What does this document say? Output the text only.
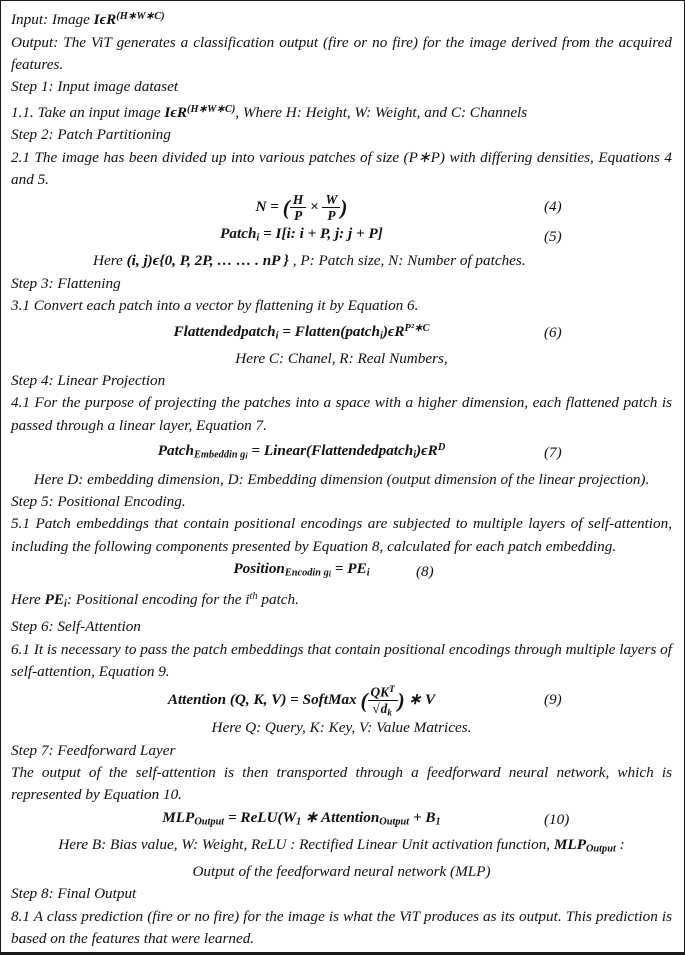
Input: Image IϵR$^{(H∗W∗C)}$

Output: The ViT generates a classification output (fire or no fire) for the image derived from the acquired features.

Step 1: Input image dataset

1.1. Take an input image IϵR$^{(H∗W∗C)}$, Where H: Height, W: Weight, and C: Channels

Step 2: Patch Partitioning

2.1 The image has been divided up into various patches of size (P∗P) with differing densities, Equations 4 and 5.

N = ( $\frac{H}{P} \times \frac{W}{P}$ )	(4)
Patchi = I[i: i + P, j: j + P]	(5)

Here (i, j)ϵ{0, P, 2P, … … . nP } , P: Patch size, N: Number of patches.

Step 3: Flattening

3.1 Convert each patch into a vector by flattening it by Equation 6.

Flattendedpatchi = $Flatten(patchi)\epsilon R^{P^2∗C}$	(6)

Here C: Chanel, R: Real Numbers,

Step 4: Linear Projection

4.1 For the purpose of projecting the patches into a space with a higher dimension, each flattened patch is passed through a linear layer, Equation 7.

PatchEmbeddin $g_i$ = $Linear(Flattendedpatchi)\epsilon R^D$	(7)

Here D: embedding dimension, D: Embedding dimension (output dimension of the linear projection).

Step 5: Positional Encoding.

5.1 Patch embeddings that contain positional encodings are subjected to multiple layers of self-attention, including the following components presented by Equation 8, calculated for each patch embedding.

PositionEncodin $g_i$ = PEi	(8)

Here PEi: Positional encoding for the $i^{th}$ patch.

Step 6: Self-Attention

6.1 It is necessary to pass the patch embeddings that contain positional encodings through multiple layers of self-attention, Equation 9.

Attention (Q, K, V) = SoftMax ( $\frac{QK^T}{√dk}$ ) ∗ V	(9)

Here Q: Query, K: Key, V: Value Matrices.

Step 7: Feedforward Layer

The output of the self-attention is then transported through a feedforward neural network, which is represented by Equation 10.

MLPOutput = ReLU(W1 ∗ AttentionOutput + B1	(10)

Here B: Bias value, W: Weight, ReLU : Rectified Linear Unit activation function, MLPOutput :

Output of the feedforward neural network (MLP)

Step 8: Final Output

8.1 A class prediction (fire or no fire) for the image is what the ViT produces as its output. This prediction is based on the features that were learned.
